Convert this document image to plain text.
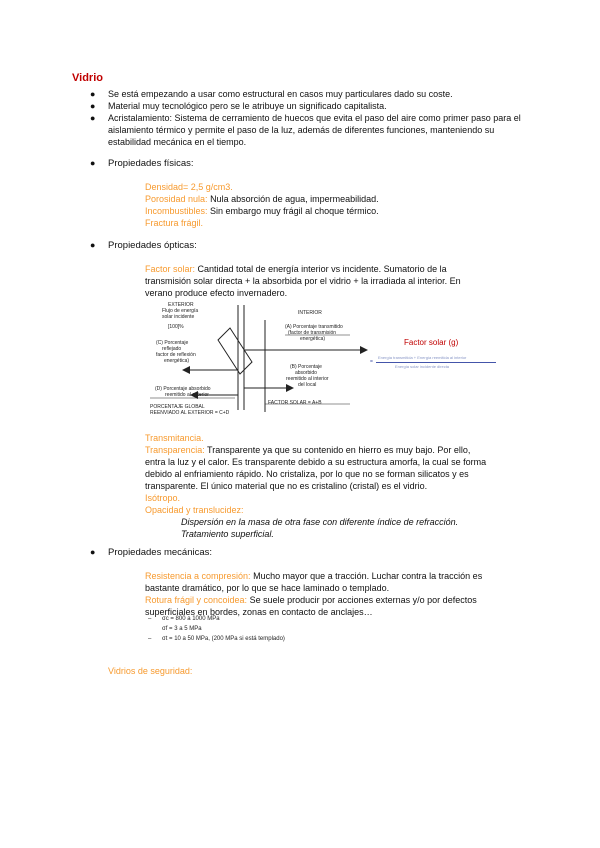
Vidrio
● Se está empezando a usar como estructural en casos muy particulares dado su coste.
● Material muy tecnológico pero se le atribuye un significado capitalista.
● Acristalamiento: Sistema de cerramiento de huecos que evita el paso del aire como primer paso para el aislamiento térmico y permite el paso de la luz, además de diferentes funciones, manteniendo su estabilidad mecánica en el tiempo.
● Propiedades físicas:
Densidad= 2,5 g/cm3.
Porosidad nula: Nula absorción de agua, impermeabilidad.
Incombustibles: Sin embargo muy frágil al choque térmico.
Fractura frágil.
● Propiedades ópticas:
Factor solar: Cantidad total de energía interior vs incidente. Sumatorio de la
transmisión solar directa + la absorbida por el vidrio + la irradiada al interior. En
verano produce efecto invernadero.
EXTERIOR
Flujo de energía
solar incidente
[100]%
(C) Porcentaje
reflejado
factor de reflexión
energética)
(D) Porcentaje absorbido
reemitido al exterior
PORCENTAJE GLOBAL
REENVIADO AL EXTERIOR = C+D
INTERIOR
(A) Porcentaje transmitido
(factor de transmisión
energética)
(B) Porcentaje
absorbido
reemitido al interior
del local
FACTOR SOLAR = A+B
Factor solar (g)
=
Energía transmitida + Energía reemitida al interior
Energía solar incidente directa
Transmitancia.
Transparencia: Transparente ya que su contenido en hierro es muy bajo. Por ello,
entra la luz y el calor. Es transparente debido a su estructura amorfa, la cual se forma
debido al enfriamiento rápido. No cristaliza, por lo que no se forman silicatos y es
transparente. El único material que no es cristalino (cristal) es el vidrio.
Isótropo.
Opacidad y translucidez:
Dispersión en la masa de otra fase con diferente índice de refracción.
Tratamiento superficial.
● Propiedades mecánicas:
Resistencia a compresión: Mucho mayor que a tracción. Luchar contra la tracción es
bastante dramático, por lo que se hace laminado o templado.
Rotura frágil y concoidea: Se suele producir por acciones externas y/o por defectos
superficiales en bordes, zonas en contacto de anclajes…
– σc = 800 a 1000 MPa
σf = 3 a 5 MPa
– σt = 10 a 50 MPa, (200 MPa si está templado)
Vidrios de seguridad:
